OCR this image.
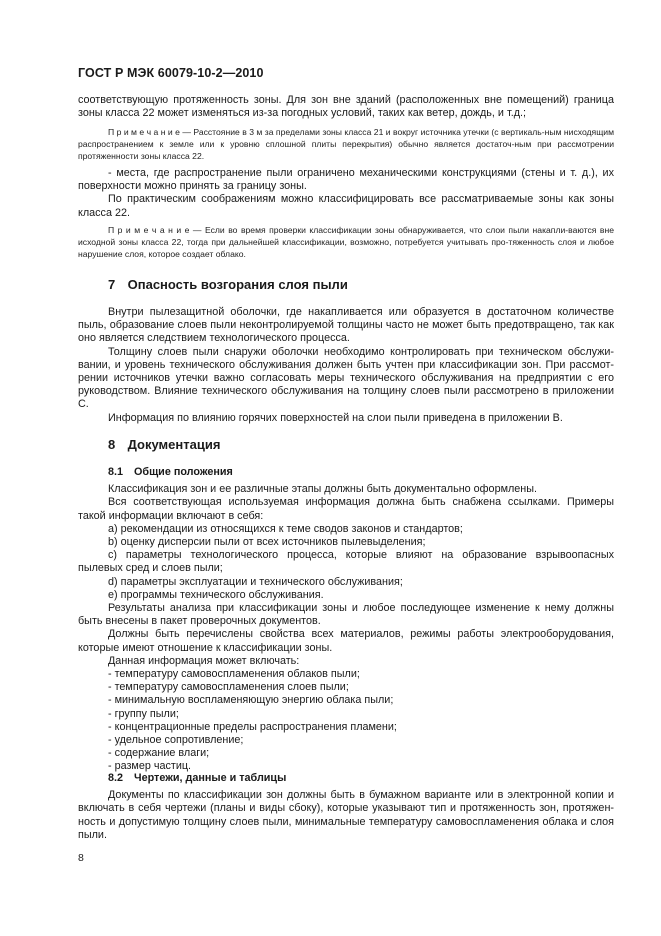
ГОСТ Р МЭК 60079-10-2—2010

соответствующую протяженность зоны. Для зон вне зданий (расположенных вне помещений) граница зоны класса 22 может изменяться из-за погодных условий, таких как ветер, дождь, и т.д.;

П р и м е ч а н и е — Расстояние в 3 м за пределами зоны класса 21 и вокруг источника утечки (с вертикаль-ным нисходящим распространением к земле или к уровню сплошной плиты перекрытия) обычно является достаточ-ным при рассмотрении протяженности зоны класса 22.

- места, где распространение пыли ограничено механическими конструкциями (стены и т. д.), их поверхности можно принять за границу зоны.

По практическим соображениям можно классифицировать все рассматриваемые зоны как зоны класса 22.

П р и м е ч а н и е — Если во время проверки классификации зоны обнаруживается, что слои пыли накапли-ваются вне исходной зоны класса 22, тогда при дальнейшей классификации, возможно, потребуется учитывать про-тяженность слоя и любое нарушение слоя, которое создает облако.

7 Опасность возгорания слоя пыли

Внутри пылезащитной оболочки, где накапливается или образуется в достаточном количестве пыль, образование слоев пыли неконтролируемой толщины часто не может быть предотвращено, так как оно является следствием технологического процесса.

Толщину слоев пыли снаружи оболочки необходимо контролировать при техническом обслужи-вании, и уровень технического обслуживания должен быть учтен при классификации зон. При рассмот-рении источников утечки важно согласовать меры технического обслуживания на предприятии с его руководством. Влияние технического обслуживания на толщину слоев пыли рассмотрено в приложении С.

Информация по влиянию горячих поверхностей на слои пыли приведена в приложении В.

8 Документация

8.1 Общие положения

Классификация зон и ее различные этапы должны быть документально оформлены.

Вся соответствующая используемая информация должна быть снабжена ссылками. Примеры такой информации включают в себя:

a) рекомендации из относящихся к теме сводов законов и стандартов;

b) оценку дисперсии пыли от всех источников пылевыделения;

c) параметры технологического процесса, которые влияют на образование взрывоопасных пылевых сред и слоев пыли;

d) параметры эксплуатации и технического обслуживания;

e) программы технического обслуживания.

Результаты анализа при классификации зоны и любое последующее изменение к нему должны быть внесены в пакет проверочных документов.

Должны быть перечислены свойства всех материалов, режимы работы электрооборудования, которые имеют отношение к классификации зоны.

Данная информация может включать:

- температуру самовоспламенения облаков пыли;

- температуру самовоспламенения слоев пыли;

- минимальную воспламеняющую энергию облака пыли;

- группу пыли;

- концентрационные пределы распространения пламени;

- удельное сопротивление;

- содержание влаги;

- размер частиц.

8.2 Чертежи, данные и таблицы

Документы по классификации зон должны быть в бумажном варианте или в электронной копии и включать в себя чертежи (планы и виды сбоку), которые указывают тип и протяженность зон, протяжен-ность и допустимую толщину слоев пыли, минимальные температуру самовоспламенения облака и слоя пыли.

8
